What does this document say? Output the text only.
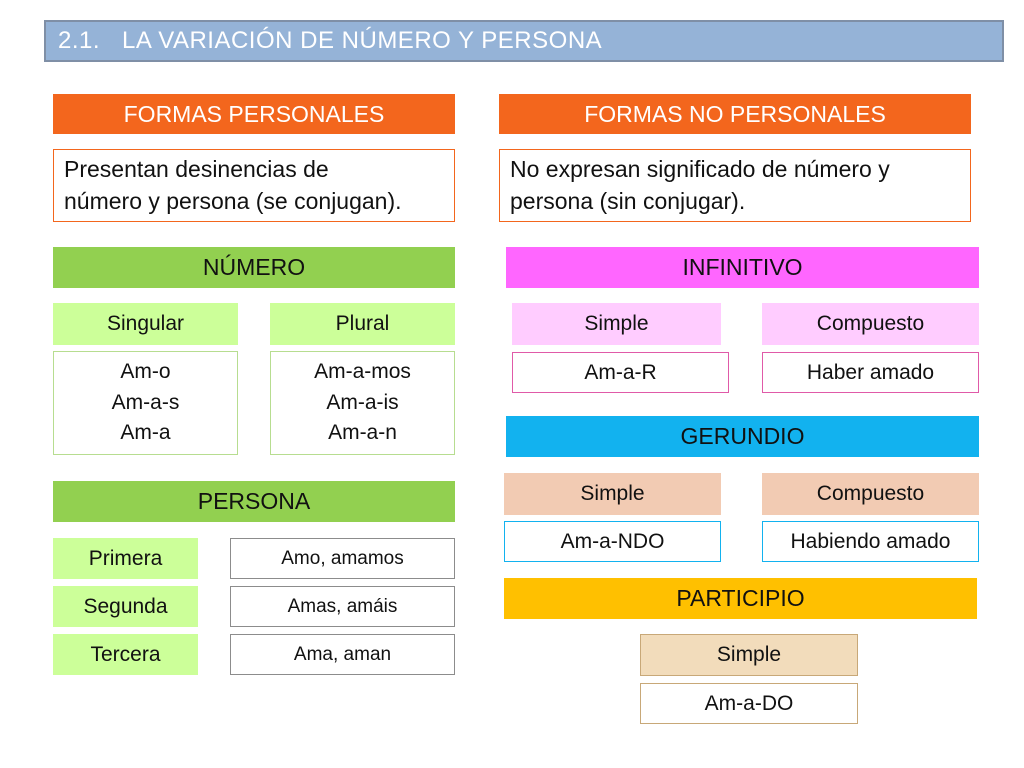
2.1. LA VARIACIÓN DE NÚMERO Y PERSONA
FORMAS PERSONALES
Presentan desinencias de
número y persona (se conjugan).
NÚMERO
Singular	Plural
Am-o
Am-a-s
Am-a
Am-a-mos
Am-a-is
Am-a-n
PERSONA
Primera	Amo, amamos
Segunda	Amas, amáis
Tercera	Ama, aman
FORMAS NO PERSONALES
No expresan significado de número y
persona (sin conjugar).
INFINITIVO
Simple	Compuesto
Am-a-R	Haber amado
GERUNDIO
Simple	Compuesto
Am-a-NDO	Habiendo amado
PARTICIPIO
Simple
Am-a-DO
